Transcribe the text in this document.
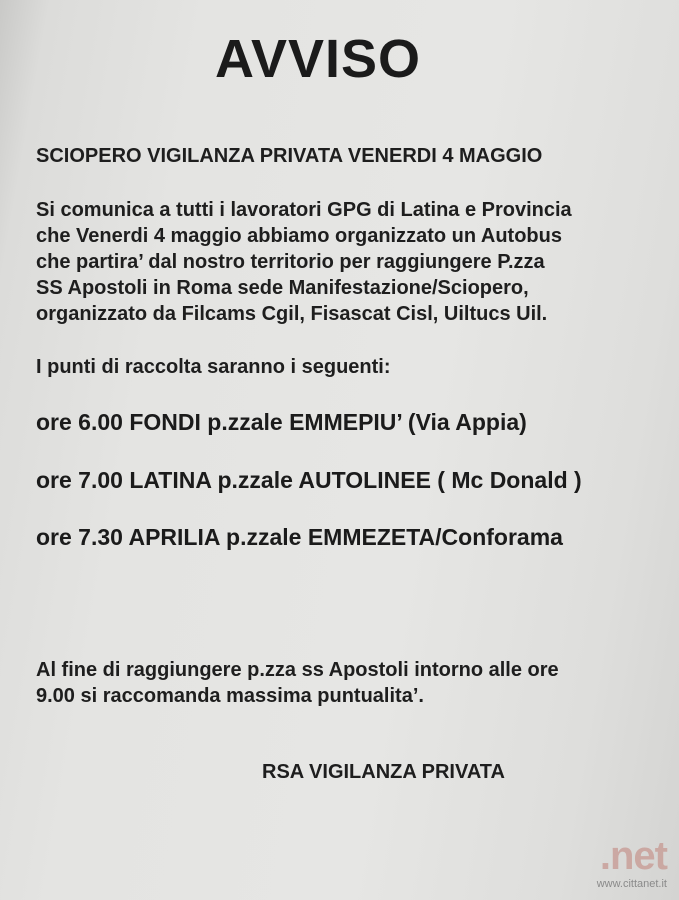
AVVISO
SCIOPERO VIGILANZA PRIVATA VENERDI 4 MAGGIO
Si comunica a tutti i lavoratori GPG di Latina e Provincia
che Venerdi 4 maggio abbiamo organizzato un Autobus
che partira’ dal nostro territorio per raggiungere P.zza
SS Apostoli in Roma sede Manifestazione/Sciopero,
organizzato da Filcams Cgil, Fisascat Cisl, Uiltucs Uil.
I punti di raccolta saranno i seguenti:
ore 6.00 FONDI p.zzale EMMEPIU’ (Via Appia)
ore 7.00 LATINA p.zzale AUTOLINEE ( Mc Donald )
ore 7.30 APRILIA p.zzale EMMEZETA/Conforama
Al fine di raggiungere p.zza ss Apostoli intorno alle ore
9.00 si raccomanda massima puntualita’.
RSA VIGILANZA PRIVATA
.net
www.cittanet.it
